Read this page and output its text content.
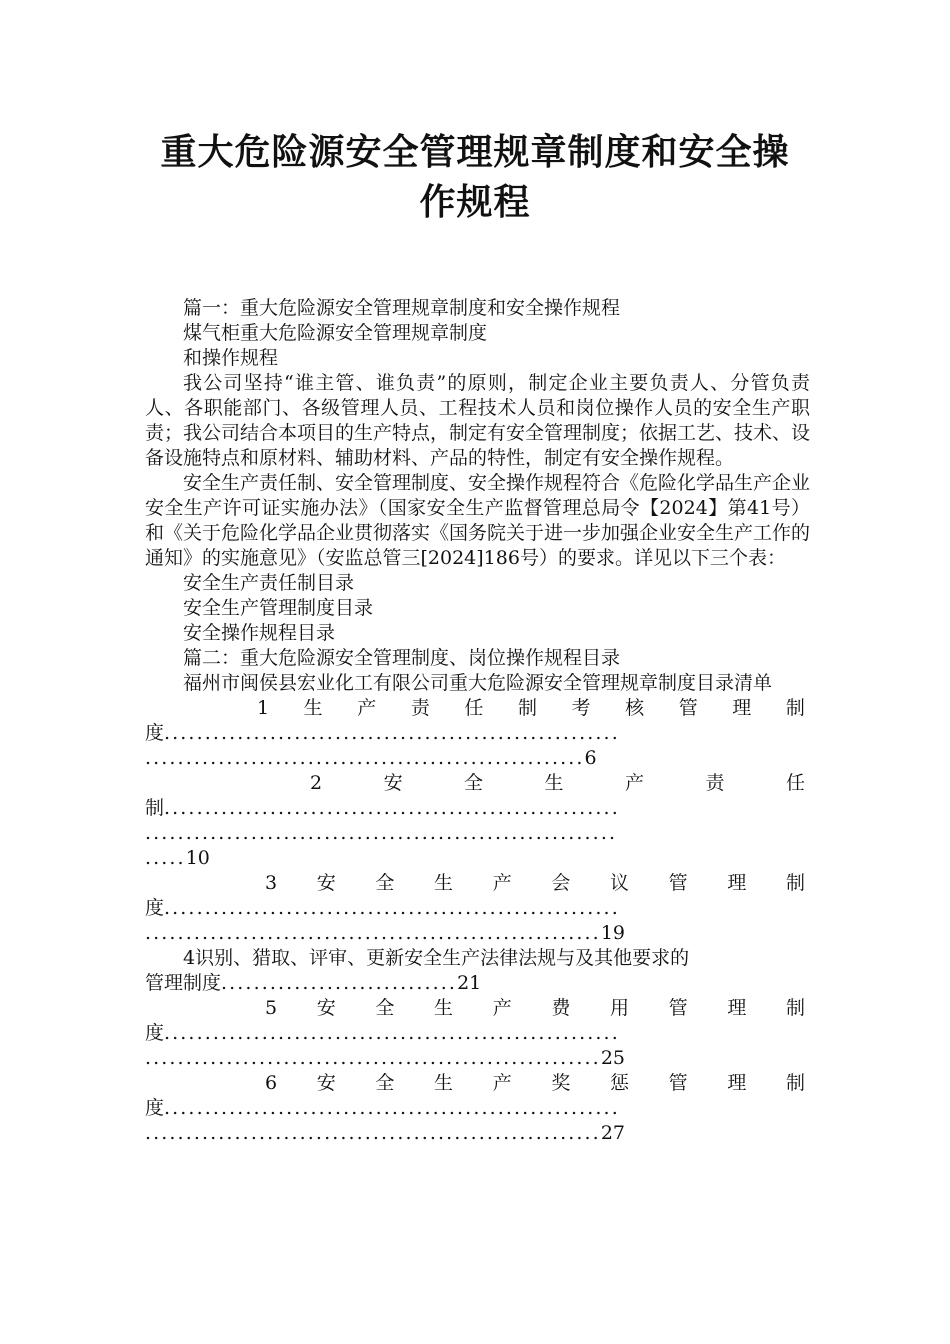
重大危险源安全管理规章制度和安全操
作规程

篇一：重大危险源安全管理规章制度和安全操作规程

煤气柜重大危险源安全管理规章制度

和操作规程

我公司坚持“谁主管、谁负责”的原则，制定企业主要负责人、分管负责人、各职能部门、各级管理人员、工程技术人员和岗位操作人员的安全生产职责；我公司结合本项目的生产特点，制定有安全管理制度；依据工艺、技术、设备设施特点和原材料、辅助材料、产品的特性，制定有安全操作规程。

安全生产责任制、安全管理制度、安全操作规程符合《危险化学品生产企业安全生产许可证实施办法》（国家安全生产监督管理总局令【2024】第41号）和《关于危险化学品企业贯彻落实《国务院关于进一步加强企业安全生产工作的通知》的实施意见》（安监总管三[2024]186号）的要求。详见以下三个表：

安全生产责任制目录

安全生产管理制度目录

安全操作规程目录

篇二：重大危险源安全管理制度、岗位操作规程目录

福州市闽侯县宏业化工有限公司重大危险源安全管理规章制度目录清单

1 生 产 责 任 制 考 核 管 理 制
度 ........................................................
...................................................... 6
2	安	全	生	产	责	任
制 ........................................................
..........................................................
..... 10
3 安 全 生 产 会 议 管 理 制
度 ........................................................
........................................................ 19

4识别、猎取、评审、更新安全生产法律法规与及其他要求的

管理制度 ............................. 21
5 安 全 生 产 费 用 管 理 制
度 ........................................................
........................................................ 25
6 安 全 生 产 奖 惩 管 理 制
度 ........................................................
........................................................ 27
